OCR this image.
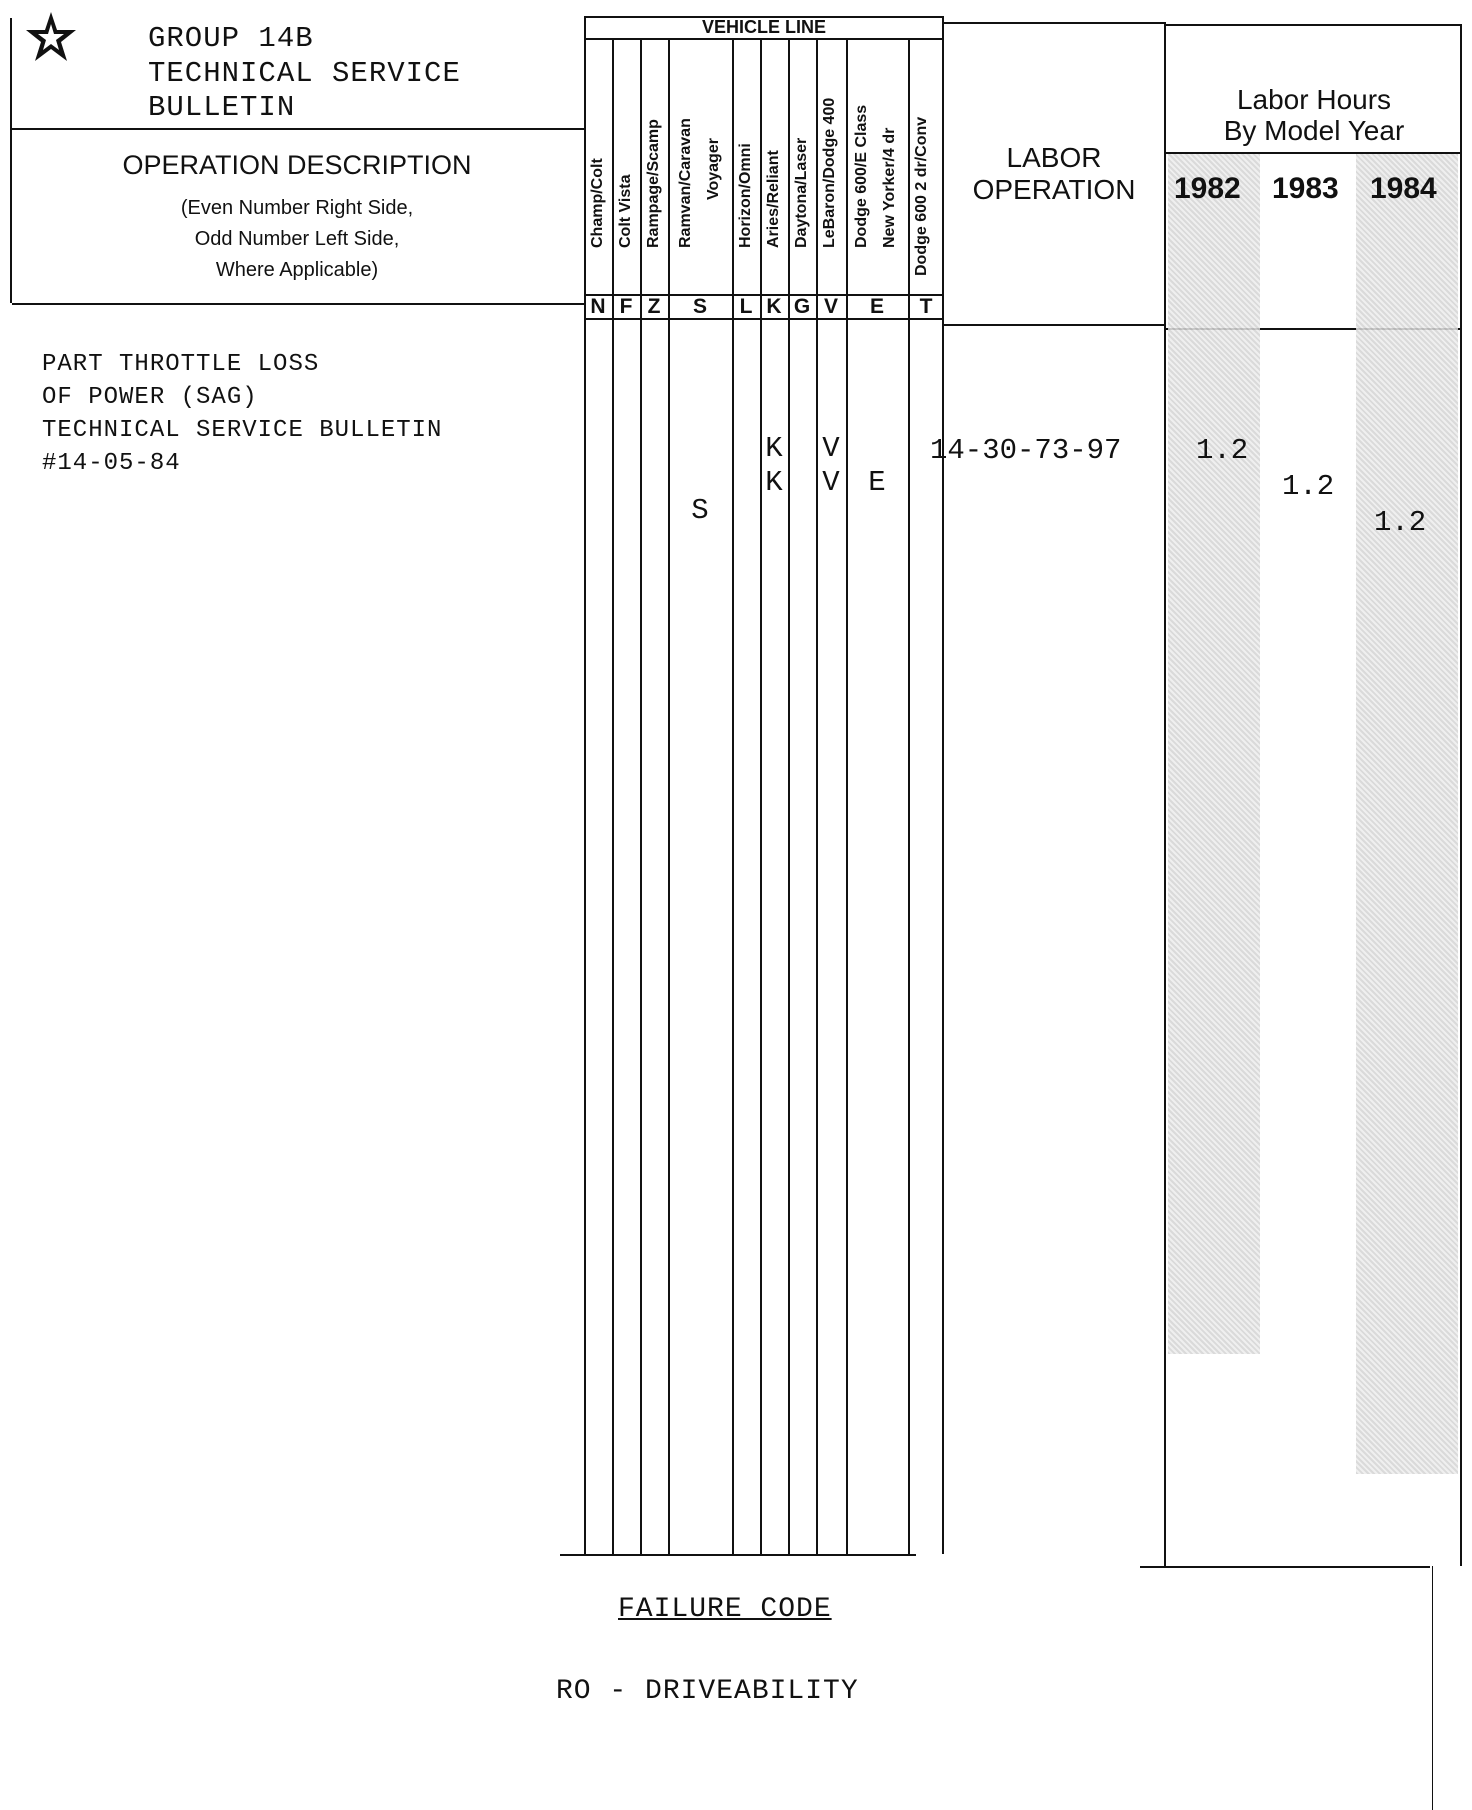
GROUP 14B
TECHNICAL SERVICE
BULLETIN
OPERATION DESCRIPTION
(Even Number Right Side,
Odd Number Left Side,
Where Applicable)
VEHICLE LINE
Champ/Colt Colt Vista Rampage/Scamp Ramvan/Caravan Voyager Horizon/Omni Aries/Reliant Daytona/Laser LeBaron/Dodge 400 Dodge 600/E Class New Yorker/4 dr Dodge 600 2 dr/Conv
N F Z S L K G V E T
PART THROTTLE LOSS
OF POWER (SAG)
TECHNICAL SERVICE BULLETIN
#14-05-84
S
K
K
V
V E
LABOR
OPERATION
14-30-73-97
Labor Hours
By Model Year
1982 1983 1984
1.2
1.2
1.2
FAILURE CODE
RO - DRIVEABILITY
